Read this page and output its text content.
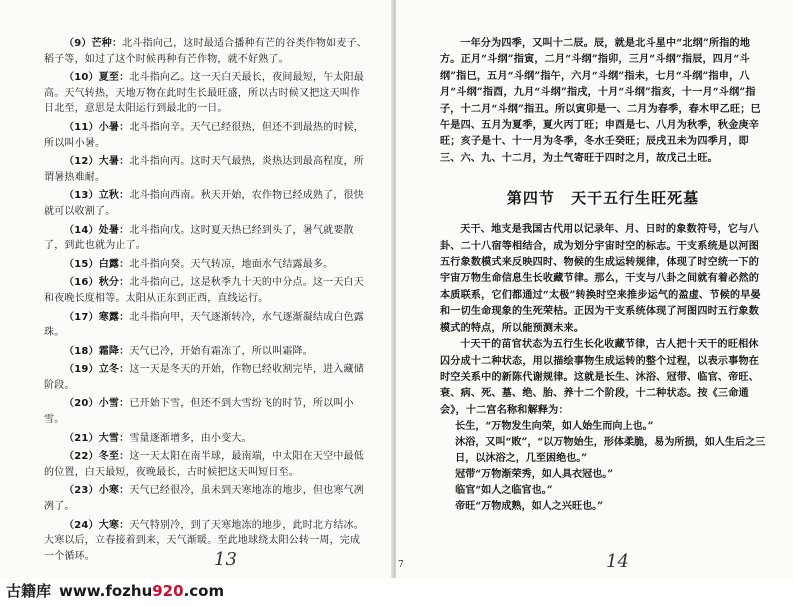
（9）芒种：北斗指向己，这时最适合播种有芒的谷类作物如麦子、稻子等，如过了这个时候再种有芒作物，就不好熟了。

（10）夏至：北斗指向乙。这一天白天最长，夜间最短，午太阳最高。天气转热，天地万物在此时生长最旺盛，所以古时候又把这天叫作日北至，意思是太阳运行到最北的一日。

（11）小暑：北斗指向辛。天气已经很热，但还不到最热的时候，所以叫小暑。

（12）大暑：北斗指向丙。这时天气最热，炎热达到最高程度，所谓暑热难耐。

（13）立秋：北斗指向西南。秋天开始，农作物已经成熟了，很快就可以收割了。

（14）处暑：北斗指向戊。这时夏天热已经到头了，暑气就要散了，到此也就为止了。

（15）白露：北斗指向癸。天气转凉，地面水气结露最多。

（16）秋分：北斗指向己，这是秋季九十天的中分点。这一天白天和夜晚长度相等。太阳从正东到正西，直线运行。

（17）寒露：北斗指向甲，天气逐渐转冷，水气逐渐凝结成白色露珠。

（18）霜降：天气已冷，开始有霜冻了，所以叫霜降。

（19）立冬：这一天是冬天的开始，作物已经收割完毕，进入藏储阶段。

（20）小雪：已开始下雪，但还不到大雪纷飞的时节，所以叫小雪。

（21）大雪：雪量逐渐增多，由小变大。

（22）冬至：这一天太阳在南半球，最南端，中太阳在天空中最低的位置，白天最短，夜晚最长，古时候把这天叫短日至。

（23）小寒：天气已经很冷，虽未到天寒地冻的地步，但也寒气冽冽了。

（24）大寒：天气特别冷，到了天寒地冻的地步，此时北方结冰。大寒以后，立春接着到来，天气渐暖。至此地球绕太阳公转一周，完成一个循环。	13

一年分为四季，又叫十二辰。辰，就是北斗星中“北纲”所指的地方。正月“斗纲”指寅，二月“斗纲”指卯，三月“斗纲”指辰，四月“斗纲”指巳，五月“斗纲”指午，六月“斗纲”指未，七月“斗纲”指申，八月“斗纲”指酉，九月“斗纲”指戌，十月“斗纲”指亥，十一月“斗纲”指子，十二月“斗纲”指丑。所以寅卯是一、二月为春季，春木甲乙旺；巳午是四、五月为夏季，夏火丙丁旺；申酉是七、八月为秋季，秋金庚辛旺；亥子是十、十一月为冬季，冬水壬癸旺；辰戌丑未为四季月，即三、六、九、十二月，为土气寄旺于四时之月，故戊己土旺。

第四节 天干五行生旺死墓

天干、地支是我国古代用以记录年、月、日时的象数符号，它与八卦、二十八宿等相结合，成为划分宇宙时空的标志。干支系统是以河图五行象数模式来反映四时、物候的生成运转规律，体现了时空统一下的宇宙万物生命信息生长收藏节律。那么，干支与八卦之间就有着必然的本质联系，它们都通过“太极”转换时空来推步运气的盈虚、节候的早晏和一切生命现象的生死荣枯。正因为干支系统体现了河图四时五行象数模式的特点，所以能预测未来。

十天干的苗官状态为五行生长化收藏节律，古人把十天干的旺相休囚分成十二种状态，用以描绘事物生成运转的整个过程，以表示事物在时空关系中的新陈代谢规律。这就是长生、沐浴、冠带、临官、帝旺、衰、病、死、墓、绝、胎、养十二个阶段，十二种状态。按《三命通会》，十二宫名称和解释为：

长生，“万物发生向荣，如人始生而向上也。”

沐浴，又叫“败”，“以万物始生，形体柔脆，易为所损，如人生后之三日，以沐浴之，几至困绝也。”

冠带“万物渐荣秀，如人具衣冠也。”

临官“如人之临官也。”

帝旺“万物成熟，如人之兴旺也。”

14
7
古籍库 www.fozhu920.com
